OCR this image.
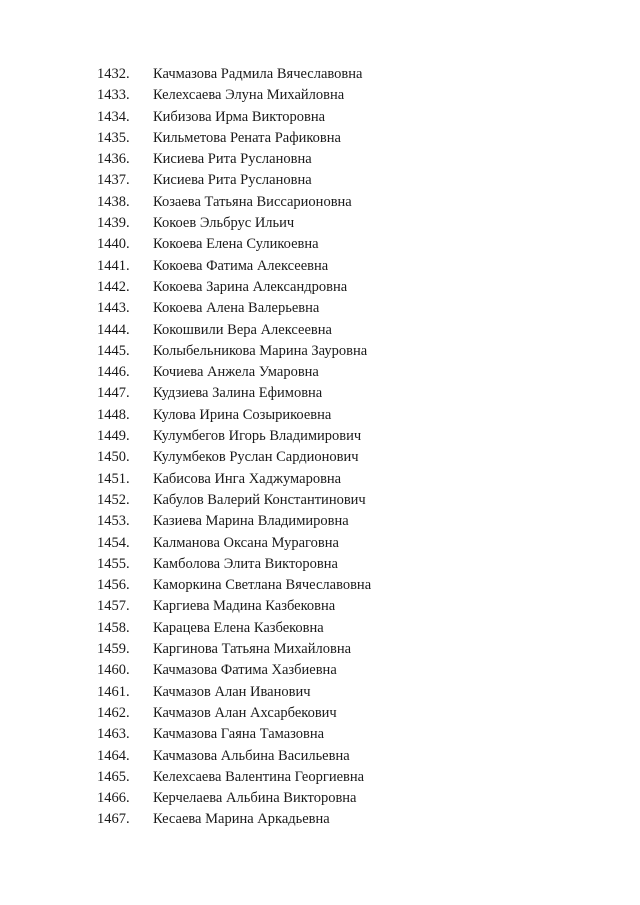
1432. Качмазова Радмила Вячеславовна
1433. Келехсаева Элуна Михайловна
1434. Кибизова Ирма Викторовна
1435. Кильметова Рената Рафиковна
1436. Кисиева Рита Руслановна
1437. Кисиева Рита Руслановна
1438. Козаева Татьяна Виссарионовна
1439. Кокоев Эльбрус Ильич
1440. Кокоева Елена Суликоевна
1441. Кокоева Фатима Алексеевна
1442. Кокоева Зарина Александровна
1443. Кокоева Алена Валерьевна
1444. Кокошвили Вера Алексеевна
1445. Колыбельникова Марина Зауровна
1446. Кочиева Анжела Умаровна
1447. Кудзиева Залина Ефимовна
1448. Кулова Ирина Созырикоевна
1449. Кулумбегов Игорь Владимирович
1450. Кулумбеков Руслан Сардионович
1451. Кабисова Инга Хаджумаровна
1452. Кабулов Валерий Константинович
1453. Казиева Марина Владимировна
1454. Калманова Оксана Мураговна
1455. Камболова Элита Викторовна
1456. Каморкина Светлана Вячеславовна
1457. Каргиева Мадина Казбековна
1458. Карацева Елена Казбековна
1459. Каргинова Татьяна Михайловна
1460. Качмазова Фатима Хазбиевна
1461. Качмазов Алан Иванович
1462. Качмазов Алан Ахсарбекович
1463. Качмазова Гаяна Тамазовна
1464. Качмазова Альбина Васильевна
1465. Келехсаева Валентина Георгиевна
1466. Керчелаева Альбина Викторовна
1467. Кесаева Марина Аркадьевна
